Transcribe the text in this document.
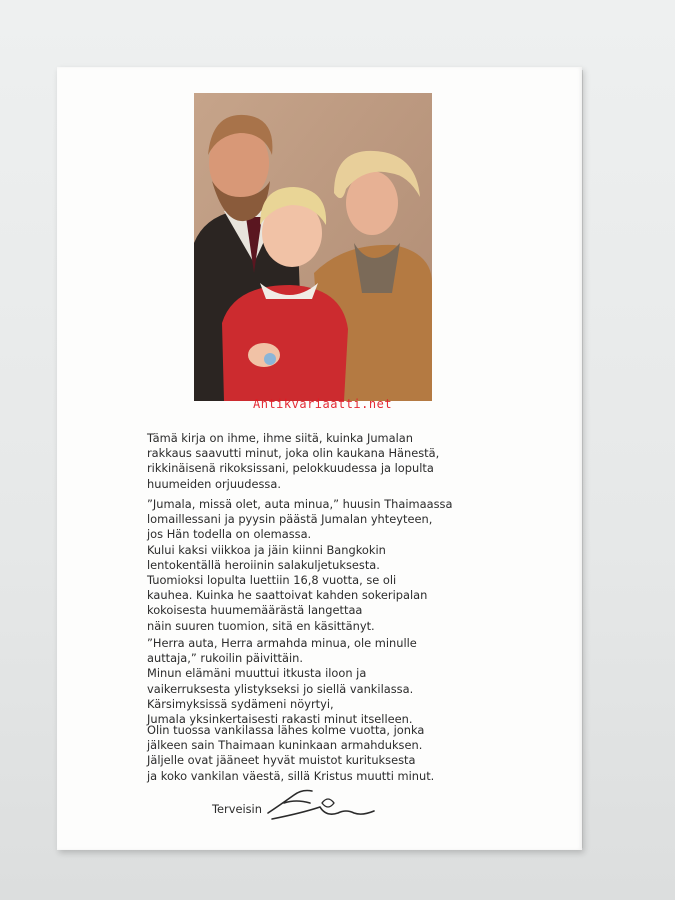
Antikvariaatti.net

Tämä kirja on ihme, ihme siitä, kuinka Jumalan
rakkaus saavutti minut, joka olin kaukana Hänestä,
rikkinäisenä rikoksissani, pelokkuudessa ja lopulta
huumeiden orjuudessa.

”Jumala, missä olet, auta minua,” huusin Thaimaassa
lomaillessani ja pyysin päästä Jumalan yhteyteen,
jos Hän todella on olemassa.
Kului kaksi viikkoa ja jäin kiinni Bangkokin
lentokentällä heroiinin salakuljetuksesta.
Tuomioksi lopulta luettiin 16,8 vuotta, se oli
kauhea. Kuinka he saattoivat kahden sokeripalan
kokoisesta huumemäärästä langettaa
näin suuren tuomion, sitä en käsittänyt.

”Herra auta, Herra armahda minua, ole minulle
auttaja,” rukoilin päivittäin.
Minun elämäni muuttui itkusta iloon ja
vaikerruksesta ylistykseksi jo siellä vankilassa.
Kärsimyksissä sydämeni nöyrtyi,
Jumala yksinkertaisesti rakasti minut itselleen.

Olin tuossa vankilassa lähes kolme vuotta, jonka
jälkeen sain Thaimaan kuninkaan armahduksen.
Jäljelle ovat jääneet hyvät muistot kurituksesta
ja koko vankilan väestä, sillä Kristus muutti minut.

Terveisin
